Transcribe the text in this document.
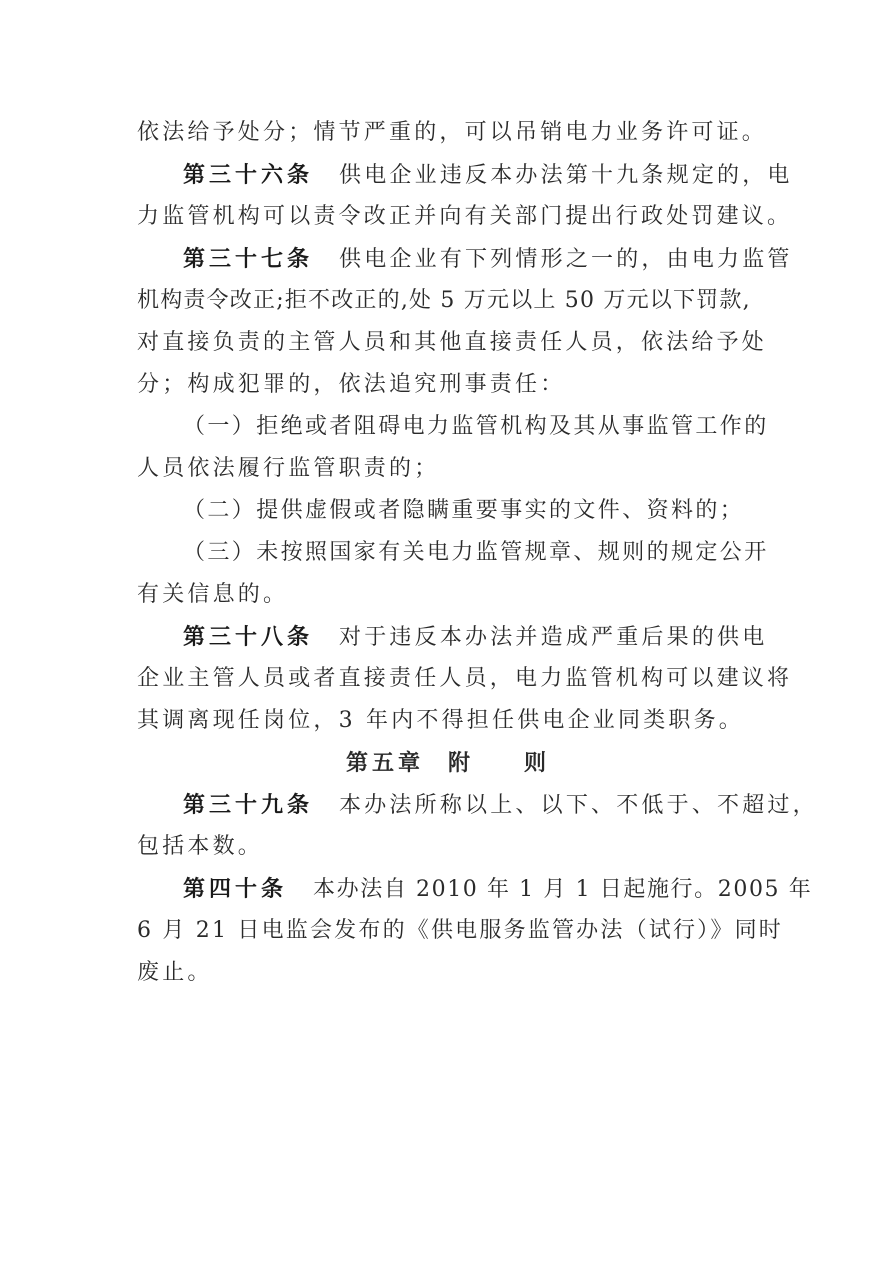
依法给予处分；情节严重的，可以吊销电力业务许可证。
第三十六条 供电企业违反本办法第十九条规定的，电
力监管机构可以责令改正并向有关部门提出行政处罚建议。
第三十七条 供电企业有下列情形之一的，由电力监管
机构责令改正;拒不改正的,处 5 万元以上 50 万元以下罚款,
对直接负责的主管人员和其他直接责任人员，依法给予处
分；构成犯罪的，依法追究刑事责任：
（一）拒绝或者阻碍电力监管机构及其从事监管工作的
人员依法履行监管职责的；
（二）提供虚假或者隐瞒重要事实的文件、资料的；
（三）未按照国家有关电力监管规章、规则的规定公开
有关信息的。
第三十八条 对于违反本办法并造成严重后果的供电
企业主管人员或者直接责任人员，电力监管机构可以建议将
其调离现任岗位，3 年内不得担任供电企业同类职务。
第五章 附 则
第三十九条 本办法所称以上、以下、不低于、不超过，
包括本数。
第四十条 本办法自 2010 年 1 月 1 日起施行。2005 年
6 月 21 日电监会发布的《供电服务监管办法（试行）》同时
废止。
